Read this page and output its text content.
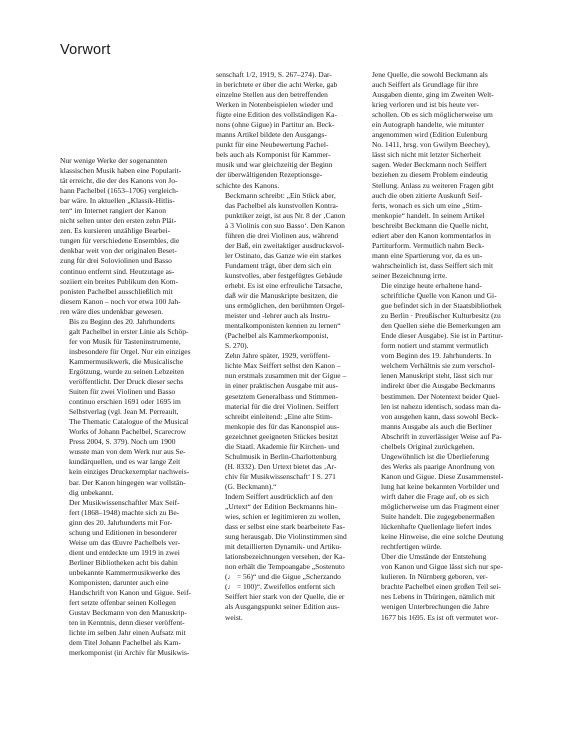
Vorwort

Nur wenige Werke der sogenannten
klassischen Musik haben eine Popularit-
tät erreicht, die der des Kanons von Jo-
hann Pachelbel (1653–1706) vergleich-
bar wäre. In aktuellen „Klassik-Hitlis-
ten“ im Internet rangiert der Kanon
nicht selten unter den ersten zehn Plät-
zen. Es kursieren unzählige Bearbei-
tungen für verschiedene Ensembles, die
denkbar weit von der originalen Beset-
zung für drei Soloviolinen und Basso
continuo entfernt sind. Heutzutage as-
soziiert ein breites Publikum den Kom-
ponisten Pachelbel ausschließlich mit
diesem Kanon – noch vor etwa 100 Jah-
ren wäre dies undenkbar gewesen.

Bis zu Beginn des 20. Jahrhunderts
galt Pachelbel in erster Linie als Schöp-
fer von Musik für Tasteninstrumente,
insbesondere für Orgel. Nur ein einziges
Kammermusikwerk, die Musicalische
Ergötzung, wurde zu seinen Lebzeiten
veröffentlicht. Der Druck dieser sechs
Suiten für zwei Violinen und Basso
continuo erschien 1691 oder 1695 im
Selbstverlag (vgl. Jean M. Perreault,
The Thematic Catalogue of the Musical
Works of Johann Pachelbel, Scarecrow
Press 2004, S. 379). Noch um 1900
wusste man von dem Werk nur aus Se-
kundärquellen, und es war lange Zeit
kein einziges Druckexemplar nachweis-
bar. Der Kanon hingegen war vollstän-
dig unbekannt.

Der Musikwissenschaftler Max Seif-
fert (1868–1948) machte sich zu Be-
ginn des 20. Jahrhunderts mit For-
schung und Editionen in besonderer
Weise um das Œuvre Pachelbels ver-
dient und entdeckte um 1919 in zwei
Berliner Bibliotheken acht bis dahin
unbekannte Kammermusikwerke des
Komponisten, darunter auch eine
Handschrift von Kanon und Gigue. Seif-
fert setzte offenbar seinen Kollegen
Gustav Beckmann von den Manuskrip-
ten in Kenntnis, denn dieser veröffent-
lichte im selben Jahr einen Aufsatz mit
dem Titel Johann Pachelbel als Kam-
merkomponist (in Archiv für Musikwis-

senschaft 1/2, 1919, S. 267–274). Dar-
in berichtete er über die acht Werke, gab
einzelne Stellen aus den betreffenden
Werken in Notenbeispielen wieder und
fügte eine Edition des vollständigen Ka-
nons (ohne Gigue) in Partitur an. Beck-
manns Artikel bildete den Ausgangs-
punkt für eine Neubewertung Pachel-
bels auch als Komponist für Kammer-
musik und war gleichzeitig der Beginn
der überwältigenden Rezeptionsge-
schichte des Kanons.

Beckmann schreibt: „Ein Stück aber,
das Pachelbel als kunstvollen Kontra-
punktiker zeigt, ist aus Nr. 8 der ‚Canon
à 3 Violinis con suo Basso‘. Den Kanon
führen die drei Violinen aus, während
der Baß, ein zweitaktiger ausdrucksvol-
ler Ostinato, das Ganze wie ein starkes
Fundament trägt, über dem sich ein
kunstvolles, aber festgefügtes Gebäude
erhebt. Es ist eine erfreuliche Tatsache,
daß wir die Manuskripte besitzen, die
uns ermöglichen, den berühmten Orgel-
meister und -lehrer auch als Instru-
mentalkomponisten kennen zu lernen“
(Pachelbel als Kammerkomponist,
S. 270).

Zehn Jahre später, 1929, veröffent-
lichte Max Seiffert selbst den Kanon –
nun erstmals zusammen mit der Gigue –
in einer praktischen Ausgabe mit aus-
gesetztem Generalbass und Stimmen-
material für die drei Violinen. Seiffert
schreibt einleitend: „Eine alte Stim-
menkopie des für das Kanonspiel aus-
gezeichnet geeigneten Stückes besitzt
die Staatl. Akademie für Kirchen- und
Schulmusik in Berlin-Charlottenburg
(H. 8332). Den Urtext bietet das ‚Ar-
chiv für Musikwissenschaft‘ I S. 271
(G. Beckmann).“

Indem Seiffert ausdrücklich auf den
„Urtext“ der Edition Beckmanns hin-
wies, schien er legitimieren zu wollen,
dass er selbst eine stark bearbeitete Fas-
sung herausgab. Die Violinstimmen sind
mit detaillierten Dynamik- und Artiku-
lationsbezeichnungen versehen, der Ka-
non erhält die Tempoangabe „Sostenuto
(♩ = 56)“ und die Gigue „Scherzando
(♩ = 100)“. Zweifellos entfernt sich
Seiffert hier stark von der Quelle, die er
als Ausgangspunkt seiner Edition aus-
weist.

Jene Quelle, die sowohl Beckmann als
auch Seiffert als Grundlage für ihre
Ausgaben diente, ging im Zweiten Welt-
krieg verloren und ist bis heute ver-
schollen. Ob es sich möglicherweise um
ein Autograph handelte, wie mitunter
angenommen wird (Edition Eulenburg
No. 1411, hrsg. von Gwilym Beechey),
lässt sich nicht mit letzter Sicherheit
sagen. Weder Beckmann noch Seiffert
beziehen zu diesem Problem eindeutig
Stellung. Anlass zu weiteren Fragen gibt
auch die oben zitierte Auskunft Seif-
ferts, wonach es sich um eine „Stim-
menkopie“ handelt. In seinem Artikel
beschreibt Beckmann die Quelle nicht,
ediert aber den Kanon kommentarlos in
Partiturform. Vermutlich nahm Beck-
mann eine Spartierung vor, da es un-
wahrscheinlich ist, dass Seiffert sich mit
seiner Bezeichnung irrte.

Die einzige heute erhaltene hand-
schriftliche Quelle von Kanon und Gi-
gue befindet sich in der Staatsbibliothek
zu Berlin · Preußischer Kulturbesitz (zu
den Quellen siehe die Bemerkungen am
Ende dieser Ausgabe). Sie ist in Partitur-
form notiert und stammt vermutlich
vom Beginn des 19. Jahrhunderts. In
welchem Verhältnis sie zum verschol-
lenen Manuskript steht, lässt sich nur
indirekt über die Ausgabe Beckmanns
bestimmen. Der Notentext beider Quel-
len ist nahezu identisch, sodass man da-
von ausgehen kann, dass sowohl Beck-
manns Ausgabe als auch die Berliner
Abschrift in zuverlässiger Weise auf Pa-
chelbels Original zurückgehen.

Ungewöhnlich ist die Überlieferung
des Werks als paarige Anordnung von
Kanon und Gigue. Diese Zusammenstel-
lung hat keine bekannten Vorbilder und
wirft daher die Frage auf, ob es sich
möglicherweise um das Fragment einer
Suite handelt. Die zugegebenermaßen
lückenhafte Quellenlage liefert indes
keine Hinweise, die eine solche Deutung
rechtfertigen würde.

Über die Umstände der Entstehung
von Kanon und Gigue lässt sich nur spe-
kulieren. In Nürnberg geboren, ver-
brachte Pachelbel einen großen Teil sei-
nes Lebens in Thüringen, nämlich mit
wenigen Unterbrechungen die Jahre
1677 bis 1695. Es ist oft vermutet wor-
